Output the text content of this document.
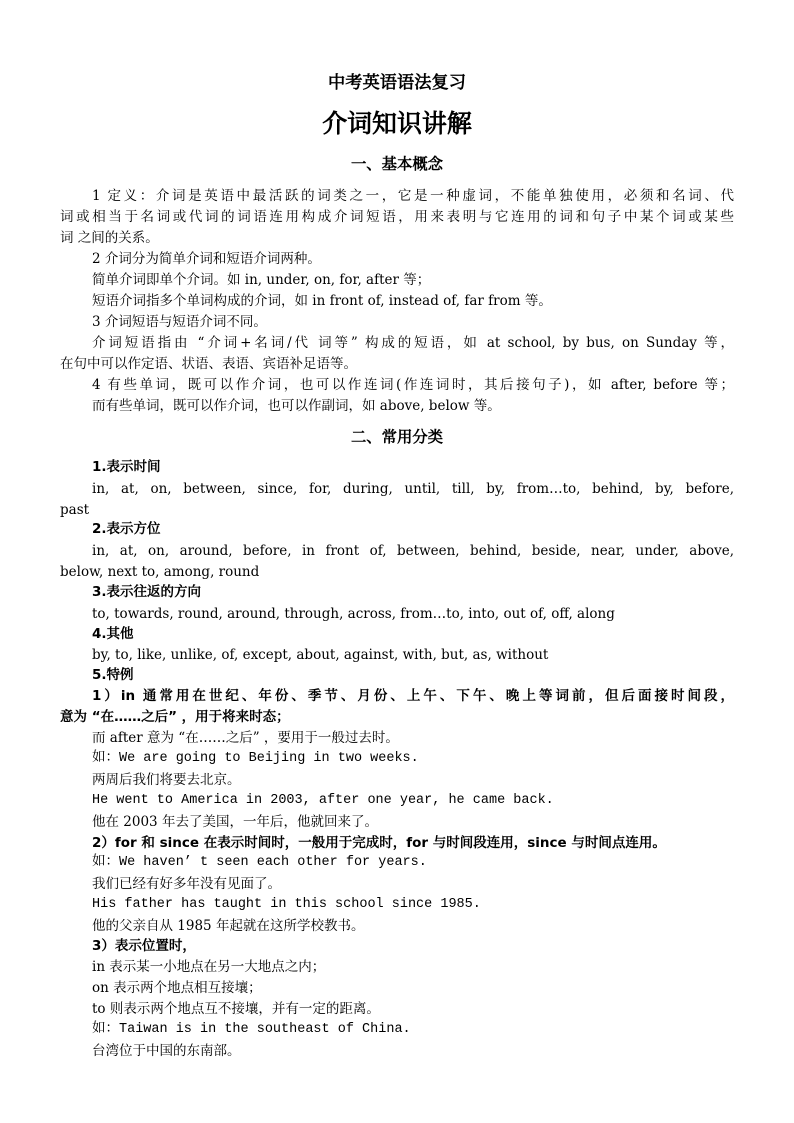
中考英语语法复习
介词知识讲解
一、基本概念
1 定义：介词是英语中最活跃的词类之一，它是一种虚词，不能单独使用，必须和名词、代
词或相当于名词或代词的词语连用构成介词短语，用来表明与它连用的词和句子中某个词或某些
词 之间的关系。
2 介词分为简单介词和短语介词两种。
简单介词即单个介词。如 in, under, on, for, after 等；
短语介词指多个单词构成的介词，如 in front of, instead of, far from 等。
3 介词短语与短语介词不同。
介词短语指由 “介词+名词/代 词等” 构成的短语，如 at school, by bus, on Sunday 等，
在句中可以作定语、状语、表语、宾语补足语等。
4 有些单词，既可以作介词，也可以作连词(作连词时，其后接句子)，如 after, before 等；
而有些单词，既可以作介词，也可以作副词，如 above, below 等。
二、常用分类
1.表示时间
in, at, on, between, since, for, during, until, till, by, from…to, behind, by, before,
past
2.表示方位
in, at, on, around, before, in front of, between, behind, beside, near, under, above,
below, next to, among, round
3.表示往返的方向
to, towards, round, around, through, across, from…to, into, out of, off, along
4.其他
by, to, like, unlike, of, except, about, against, with, but, as, without
5.特例
1）in 通常用在世纪、年份、季节、月份、上午、下午、晚上等词前，但后面接时间段，
意为 “在……之后” ，用于将来时态；
而 after 意为 “在……之后” ，要用于一般过去时。
如：We are going to Beijing in two weeks.
两周后我们将要去北京。
He went to America in 2003, after one year, he came back.
他在 2003 年去了美国，一年后，他就回来了。
2）for 和 since 在表示时间时，一般用于完成时，for 与时间段连用，since 与时间点连用。
如：We haven’ t seen each other for years.
我们已经有好多年没有见面了。
His father has taught in this school since 1985.
他的父亲自从 1985 年起就在这所学校教书。
3）表示位置时，
in 表示某一小地点在另一大地点之内；
on 表示两个地点相互接壤；
to 则表示两个地点互不接壤，并有一定的距离。
如：Taiwan is in the southeast of China.
台湾位于中国的东南部。
